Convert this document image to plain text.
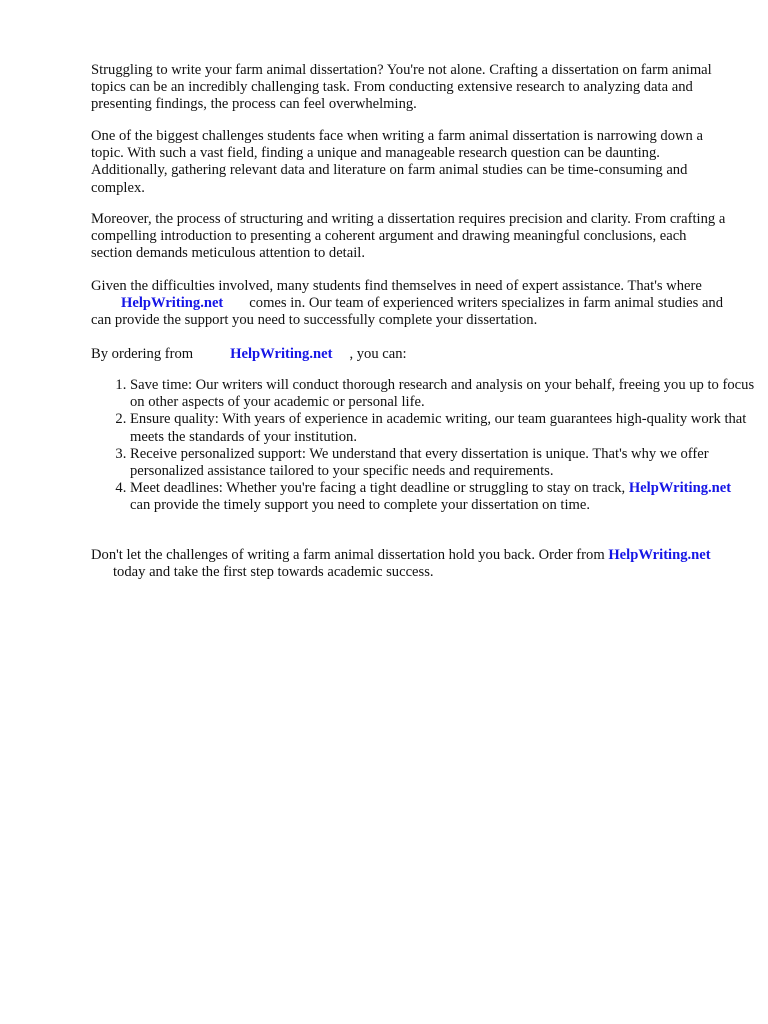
Struggling to write your farm animal dissertation? You're not alone. Crafting a dissertation on farm animal topics can be an incredibly challenging task. From conducting extensive research to analyzing data and presenting findings, the process can feel overwhelming.

One of the biggest challenges students face when writing a farm animal dissertation is narrowing down a topic. With such a vast field, finding a unique and manageable research question can be daunting. Additionally, gathering relevant data and literature on farm animal studies can be time-consuming and complex.

Moreover, the process of structuring and writing a dissertation requires precision and clarity. From crafting a compelling introduction to presenting a coherent argument and drawing meaningful conclusions, each section demands meticulous attention to detail.

Given the difficulties involved, many students find themselves in need of expert assistance. That's whereHelpWriting.net comes in. Our team of experienced writers specializes in farm animal studies and can provide the support you need to successfully complete your dissertation.

By ordering from	HelpWriting.net , you can:

1. Save time: Our writers will conduct thorough research and analysis on your behalf, freeing you up to focus on other aspects of your academic or personal life.
2. Ensure quality: With years of experience in academic writing, our team guarantees high-quality work that meets the standards of your institution.
3. Receive personalized support: We understand that every dissertation is unique. That's why we offer personalized assistance tailored to your specific needs and requirements.
4. Meet deadlines: Whether you're facing a tight deadline or struggling to stay on track, HelpWriting.netcan provide the timely support you need to complete your dissertation on time.

Don't let the challenges of writing a farm animal dissertation hold you back. Order from HelpWriting.nettoday and take the first step towards academic success.
